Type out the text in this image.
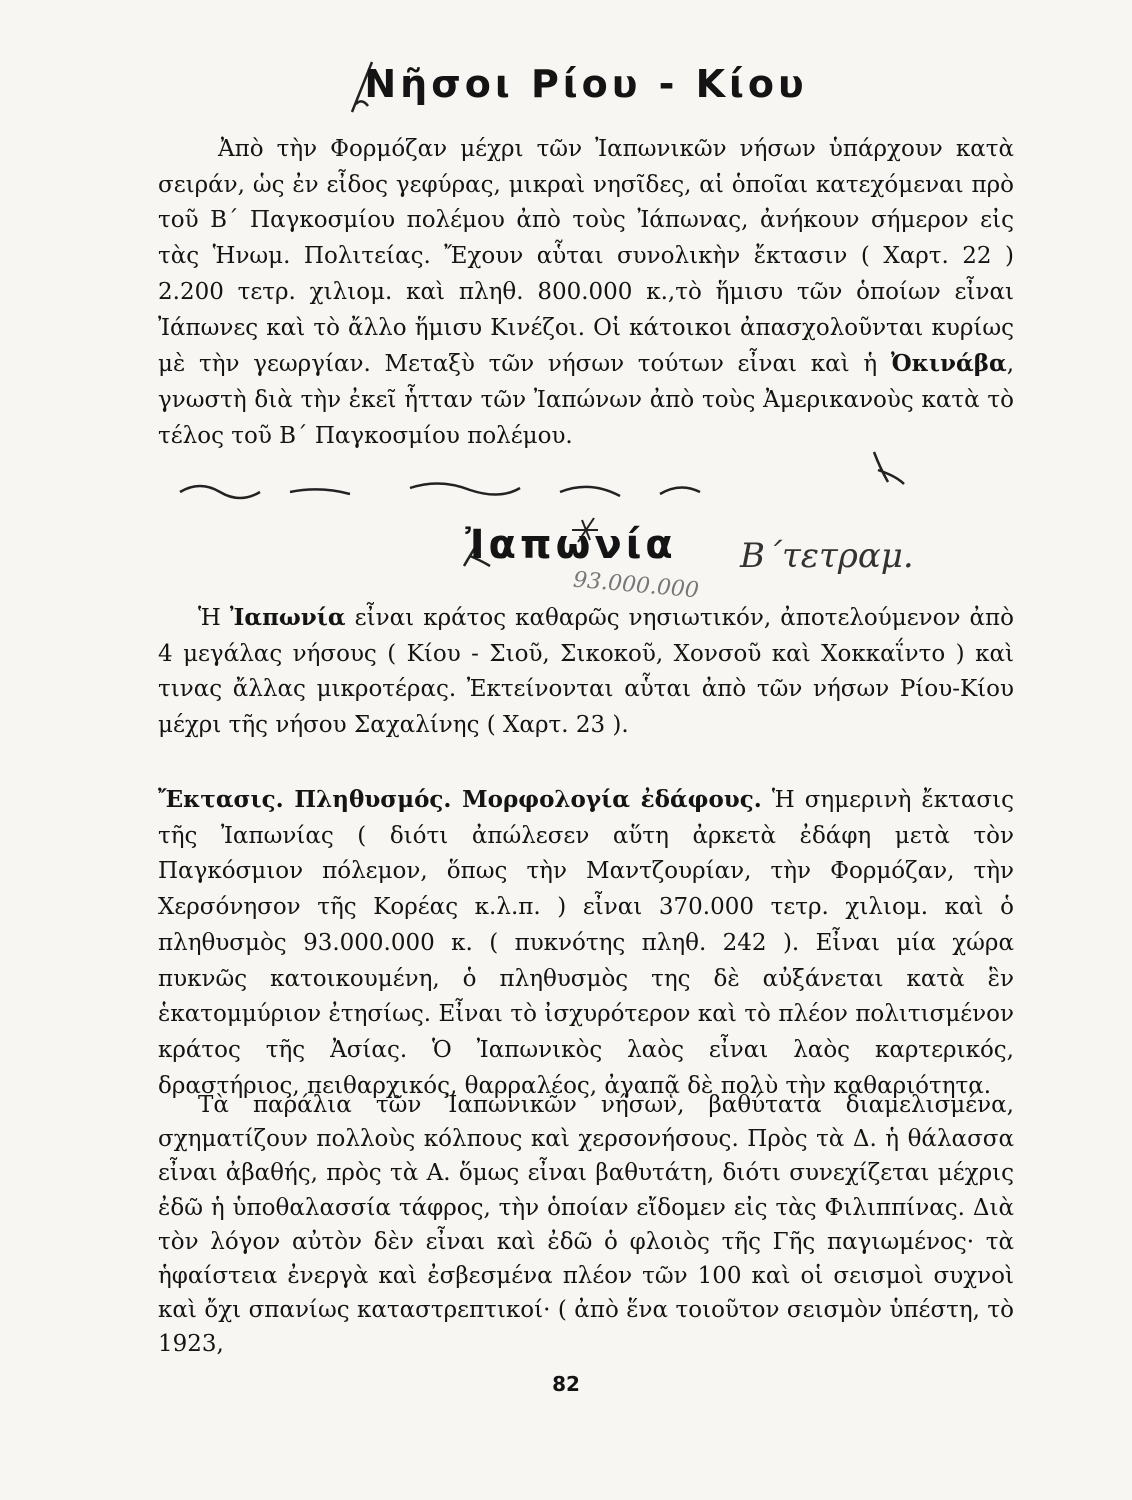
Νῆσοι Ρίου - Κίου

Ἀπὸ τὴν Φορμόζαν μέχρι τῶν Ἰαπωνικῶν νήσων ὑπάρχουν κατὰ σειράν, ὡς ἐν εἶδος γεφύρας, μικραὶ νησῖδες, αἱ ὁποῖαι κατεχόμεναι πρὸ τοῦ Β΄ Παγκοσμίου πολέμου ἀπὸ τοὺς Ἰάπωνας, ἀνήκουν σήμερον εἰς τὰς Ἡνωμ. Πολιτείας. Ἔχουν αὗται συνολικὴν ἔκτασιν ( Χαρτ. 22 ) 2.200 τετρ. χιλιομ. καὶ πληθ. 800.000 κ.,τὸ ἥμισυ τῶν ὁποίων εἶναι Ἰάπωνες καὶ τὸ ἄλλο ἥμισυ Κινέζοι. Οἱ κάτοικοι ἀπασχολοῦνται κυρίως μὲ τὴν γεωργίαν. Μεταξὺ τῶν νήσων τούτων εἶναι καὶ ἡ Ὀκινάβα, γνωστὴ διὰ τὴν ἐκεῖ ἧτταν τῶν Ἰαπώνων ἀπὸ τοὺς Ἀμερικανοὺς κατὰ τὸ τέλος τοῦ Β΄ Παγκοσμίου πολέμου.

Ἰαπωνία	Β΄τετραμ.
93.000.000

Ἡ Ἰαπωνία εἶναι κράτος καθαρῶς νησιωτικόν, ἀποτελούμενον ἀπὸ 4 μεγάλας νήσους ( Κίου - Σιοῦ, Σικοκοῦ, Χονσοῦ καὶ Χοκκαΐντο ) καὶ τινας ἄλλας μικροτέρας. Ἐκτείνονται αὗται ἀπὸ τῶν νήσων Ρίου-Κίου μέχρι τῆς νήσου Σαχαλίνης ( Χαρτ. 23 ).

Ἔκτασις. Πληθυσμός. Μορφολογία ἐδάφους. Ἡ σημερινὴ ἔκτασις τῆς Ἰαπωνίας ( διότι ἀπώλεσεν αὕτη ἀρκετὰ ἐδάφη μετὰ τὸν Παγκόσμιον πόλεμον, ὅπως τὴν Μαντζουρίαν, τὴν Φορμόζαν, τὴν Χερσόνησον τῆς Κορέας κ.λ.π. ) εἶναι 370.000 τετρ. χιλιομ. καὶ ὁ πληθυσμὸς 93.000.000 κ. ( πυκνότης πληθ. 242 ). Εἶναι μία χώρα πυκνῶς κατοικουμένη, ὁ πληθυσμὸς της δὲ αὐξάνεται κατὰ ἓν ἑκατομμύριον ἐτησίως. Εἶναι τὸ ἰσχυρότερον καὶ τὸ πλέον πολιτισμένον κράτος τῆς Ἀσίας. Ὁ Ἰαπωνικὸς λαὸς εἶναι λαὸς καρτερικός, δραστήριος, πειθαρχικός, θαρραλέος, ἀγαπᾷ δὲ πολὺ τὴν καθαριότητα.

Τὰ παράλια τῶν Ἰαπωνικῶν νήσων, βαθύτατα διαμελισμένα, σχηματίζουν πολλοὺς κόλπους καὶ χερσονήσους. Πρὸς τὰ Δ. ἡ θάλασσα εἶναι ἀβαθής, πρὸς τὰ Α. ὅμως εἶναι βαθυτάτη, διότι συνεχίζεται μέχρις ἐδῶ ἡ ὑποθαλασσία τάφρος, τὴν ὁποίαν εἴδομεν εἰς τὰς Φιλιππίνας. Διὰ τὸν λόγον αὐτὸν δὲν εἶναι καὶ ἐδῶ ὁ φλοιὸς τῆς Γῆς παγιωμένος· τὰ ἡφαίστεια ἐνεργὰ καὶ ἐσβεσμένα πλέον τῶν 100 καὶ οἱ σεισμοὶ συχνοὶ καὶ ὄχι σπανίως καταστρεπτικοί· ( ἀπὸ ἕνα τοιοῦτον σεισμὸν ὑπέστη, τὸ 1923,

82
